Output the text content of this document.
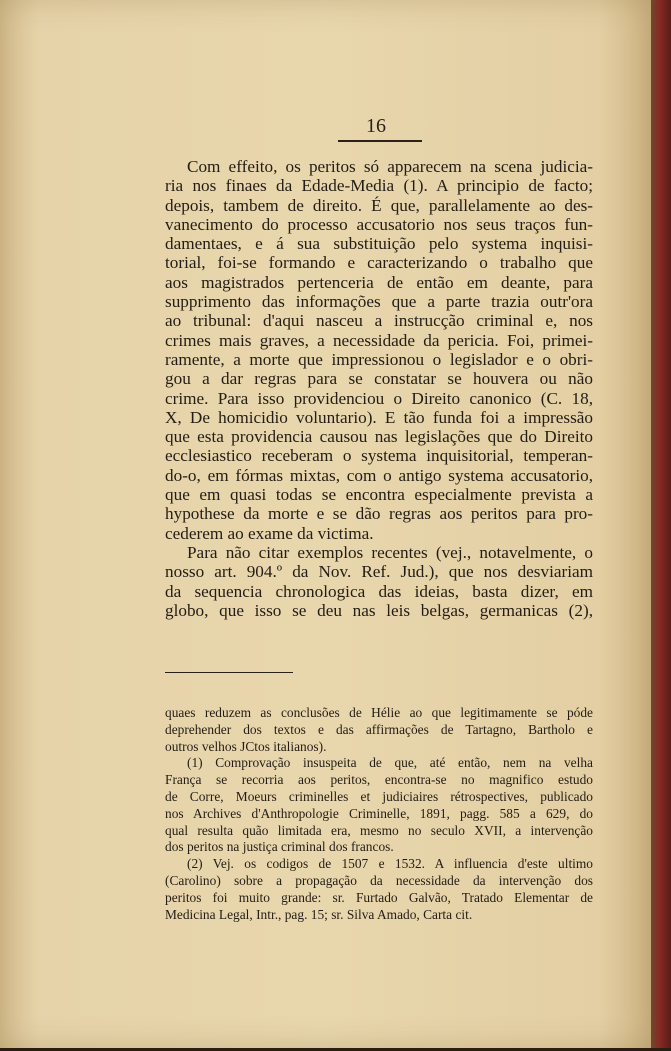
16
Com effeito, os peritos só apparecem na scena judicia-
ria nos finaes da Edade-Media (1). A principio de facto;
depois, tambem de direito. É que, parallelamente ao des-
vanecimento do processo accusatorio nos seus traços fun-
damentaes, e á sua substituição pelo systema inquisi-
torial, foi-se formando e caracterizando o trabalho que
aos magistrados pertenceria de então em deante, para
supprimento das informações que a parte trazia outr'ora
ao tribunal: d'aqui nasceu a instrucção criminal e, nos
crimes mais graves, a necessidade da pericia. Foi, primei-
ramente, a morte que impressionou o legislador e o obri-
gou a dar regras para se constatar se houvera ou não
crime. Para isso providenciou o Direito canonico (C. 18,
X, De homicidio voluntario). E tão funda foi a impressão
que esta providencia causou nas legislações que do Direito
ecclesiastico receberam o systema inquisitorial, temperan-
do-o, em fórmas mixtas, com o antigo systema accusatorio,
que em quasi todas se encontra especialmente prevista a
hypothese da morte e se dão regras aos peritos para pro-
cederem ao exame da victima.
Para não citar exemplos recentes (vej., notavelmente, o
nosso art. 904.º da Nov. Ref. Jud.), que nos desviariam
da sequencia chronologica das ideias, basta dizer, em
globo, que isso se deu nas leis belgas, germanicas (2),
quaes reduzem as conclusões de Hélie ao que legitimamente se póde
deprehender dos textos e das affirmações de Tartagno, Bartholo e
outros velhos JCtos italianos).
(1) Comprovação insuspeita de que, até então, nem na velha
França se recorria aos peritos, encontra-se no magnifico estudo
de Corre, Moeurs criminelles et judiciaires rétrospectives, publicado
nos Archives d'Anthropologie Criminelle, 1891, pagg. 585 a 629, do
qual resulta quão limitada era, mesmo no seculo XVII, a intervenção
dos peritos na justiça criminal dos francos.
(2) Vej. os codigos de 1507 e 1532. A influencia d'este ultimo
(Carolino) sobre a propagação da necessidade da intervenção dos
peritos foi muito grande: sr. Furtado Galvão, Tratado Elementar de
Medicina Legal, Intr., pag. 15; sr. Silva Amado, Carta cit.
